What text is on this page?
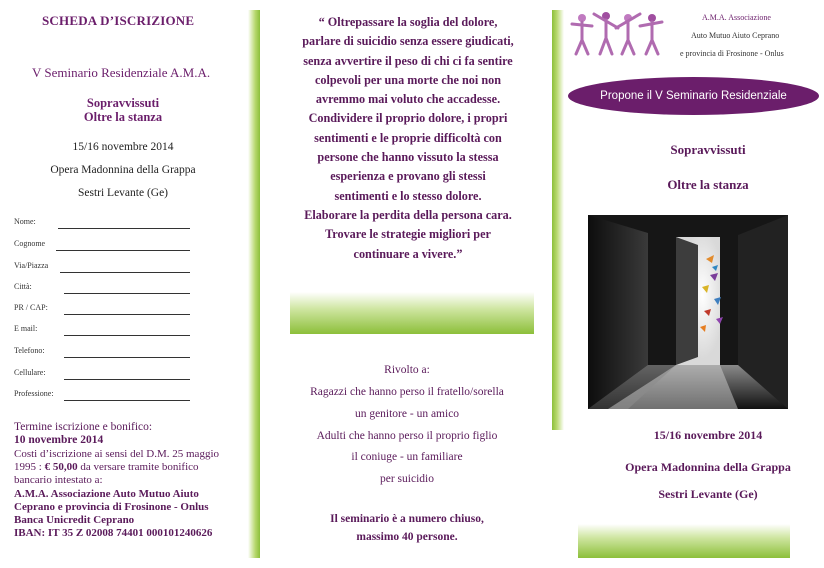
SCHEDA D’ISCRIZIONE
V Seminario Residenziale A.M.A.
Sopravvissuti
Oltre la stanza
15/16 novembre 2014
Opera Madonnina della Grappa
Sestri Levante (Ge)
Nome:
Cognome
Via/Piazza
Città:
PR / CAP:
E mail:
Telefono:
Cellulare:
Professione:
Termine iscrizione e bonifico:
10 novembre 2014
Costi d’iscrizione ai sensi del D.M. 25 maggio
1995 : € 50,00 da versare tramite bonifico
bancario intestato a:
A.M.A. Associazione Auto Mutuo Aiuto
Ceprano e provincia di Frosinone - Onlus
Banca Unicredit Ceprano
IBAN: IT 35 Z 02008 74401 000101240626
“ Oltrepassare la soglia del dolore,
parlare di suicidio senza essere giudicati,
senza avvertire il peso di chi ci fa sentire
colpevoli per una morte che noi non
avremmo mai voluto che accadesse.
Condividere il proprio dolore, i propri
sentimenti e le proprie difficoltà con
persone che hanno vissuto la stessa
esperienza e provano gli stessi
sentimenti e lo stesso dolore.
Elaborare la perdita della persona cara.
Trovare le strategie migliori per
continuare a vivere.”
Rivolto a:
Ragazzi che hanno perso il fratello/sorella
un genitore - un amico
Adulti che hanno perso il proprio figlio
il coniuge - un familiare
per suicidio
Il seminario è a numero chiuso,
massimo 40 persone.
A.M.A. Associazione
Auto Mutuo Aiuto Ceprano
e provincia di Frosinone - Onlus
Propone il V Seminario Residenziale
Sopravvissuti
Oltre la stanza
15/16 novembre 2014
Opera Madonnina della Grappa
Sestri Levante (Ge)
